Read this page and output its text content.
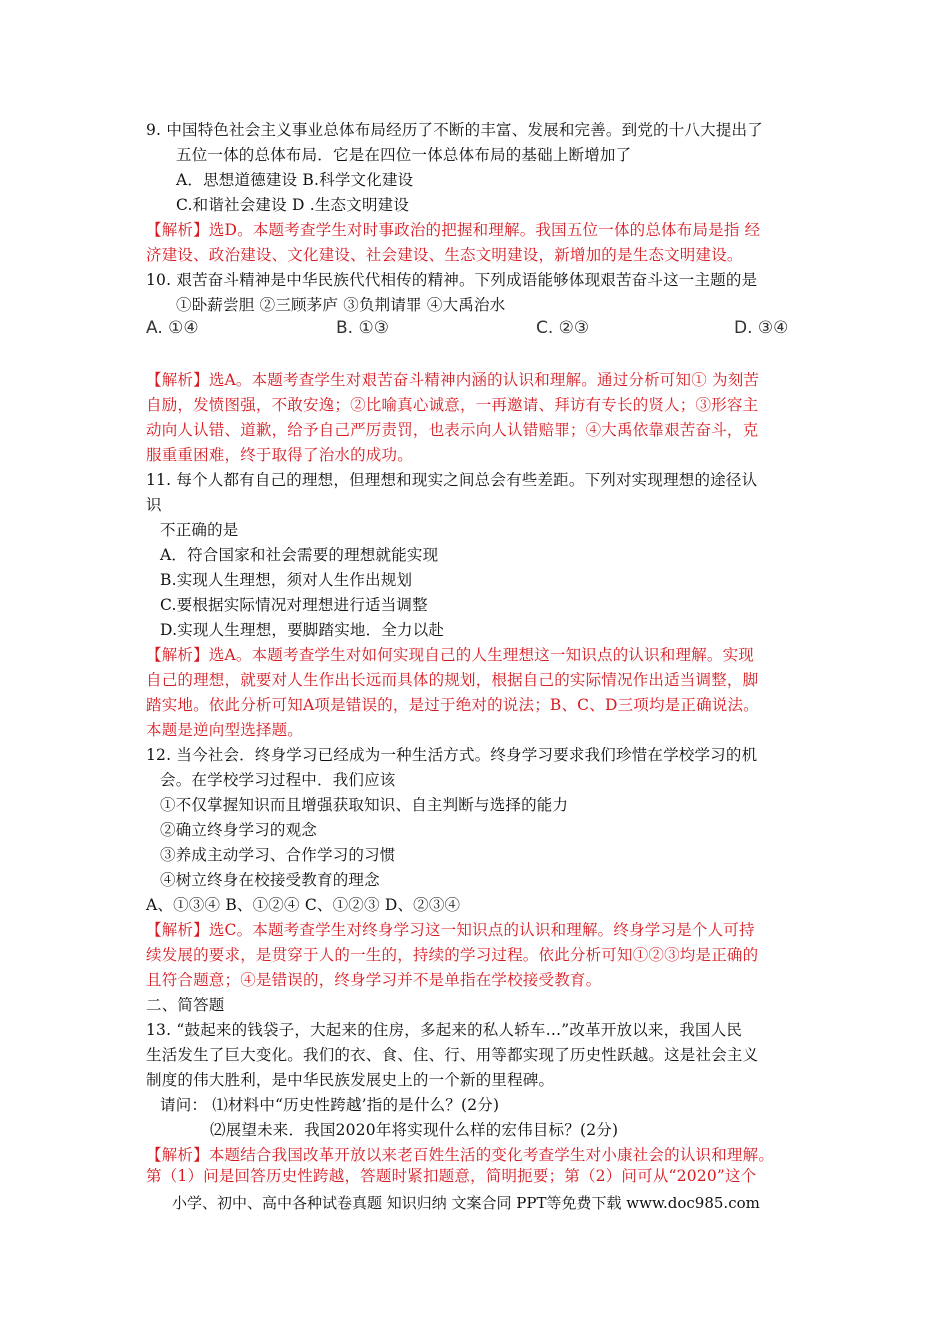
9. 中国特色社会主义事业总体布局经历了不断的丰富、发展和完善。到党的十八大提出了
五位一体的总体布局．它是在四位一体总体布局的基础上断增加了
A．思想道德建设 B.科学文化建设
C.和谐社会建设 D .生态文明建设
【解析】选D。本题考查学生对时事政治的把握和理解。我国五位一体的总体布局是指 经
济建设、政治建设、文化建设、社会建设、生态文明建设，新增加的是生态文明建设。
10. 艰苦奋斗精神是中华民族代代相传的精神。下列成语能够体现艰苦奋斗这一主题的是
①卧薪尝胆 ②三顾茅庐 ③负荆请罪 ④大禹治水
A. ①④	B. ①③	C. ②③	D. ③④
【解析】选A。本题考查学生对艰苦奋斗精神内涵的认识和理解。通过分析可知① 为刻苦
自励，发愤图强，不敢安逸；②比喻真心诚意，一再邀请、拜访有专长的贤人；③形容主
动向人认错、道歉，给予自己严厉责罚，也表示向人认错赔罪；④大禹依靠艰苦奋斗，克
服重重困难，终于取得了治水的成功。
11. 每个人都有自己的理想，但理想和现实之间总会有些差距。下列对实现理想的途径认
识
不正确的是
A．符合国家和社会需要的理想就能实现
B.实现人生理想，须对人生作出规划
C.要根据实际情况对理想进行适当调整
D.实现人生理想，要脚踏实地．全力以赴
【解析】选A。本题考查学生对如何实现自己的人生理想这一知识点的认识和理解。实现
自己的理想，就要对人生作出长远而具体的规划，根据自己的实际情况作出适当调整，脚
踏实地。依此分析可知A项是错误的，是过于绝对的说法；B、C、D三项均是正确说法。
本题是逆向型选择题。
12. 当今社会．终身学习已经成为一种生活方式。终身学习要求我们珍惜在学校学习的机
会。在学校学习过程中．我们应该
①不仅掌握知识而且增强获取知识、自主判断与选择的能力
②确立终身学习的观念
③养成主动学习、合作学习的习惯
④树立终身在校接受教育的理念
A、①③④ B、①②④ C、①②③ D、②③④
【解析】选C。本题考查学生对终身学习这一知识点的认识和理解。终身学习是个人可持
续发展的要求，是贯穿于人的一生的，持续的学习过程。依此分析可知①②③均是正确的
且符合题意；④是错误的，终身学习并不是单指在学校接受教育。
二、简答题
13. “鼓起来的钱袋子，大起来的住房，多起来的私人轿车…”改革开放以来，我国人民
生活发生了巨大变化。我们的衣、食、住、行、用等都实现了历史性跃越。这是社会主义
制度的伟大胜利，是中华民族发展史上的一个新的里程碑。
请问： ⑴材料中“历史性跨越’指的是什么？(2分)
⑵展望未来．我国2020年将实现什么样的宏伟目标？(2分)
【解析】本题结合我国改革开放以来老百姓生活的变化考查学生对小康社会的认识和理解。
小学、初中、高中各种试卷真题 知识归纳 文案合同 PPT等免费下载 www.doc985.com
第（1）问是回答历史性跨越，答题时紧扣题意，简明扼要；第（2）问可从“2020”这个
